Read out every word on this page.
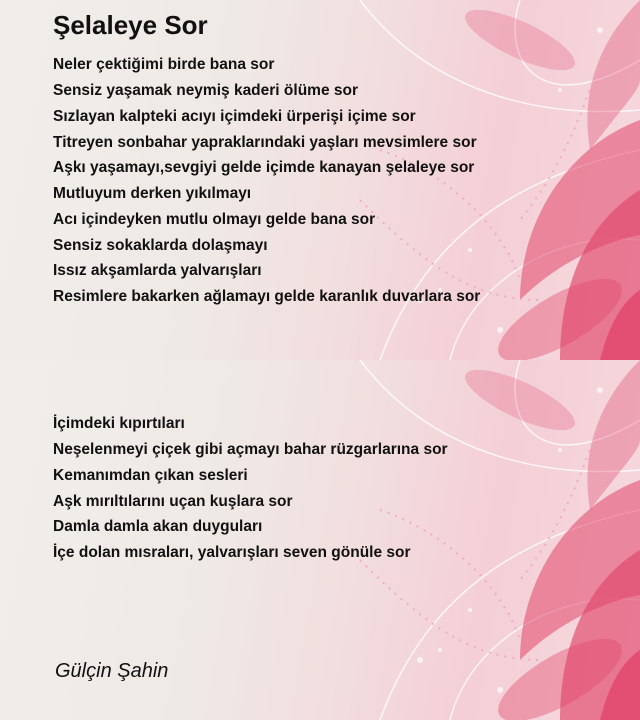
Şelaleye Sor

Neler çektiğimi birde bana sor

Sensiz yaşamak neymiş kaderi ölüme sor

Sızlayan kalpteki acıyı içimdeki ürperişi içime sor

Titreyen sonbahar yapraklarındaki yaşları mevsimlere sor

Aşkı yaşamayı,sevgiyi gelde içimde kanayan şelaleye sor

Mutluyum derken yıkılmayı

Acı içindeyken mutlu olmayı gelde bana sor

Sensiz sokaklarda dolaşmayı

Issız akşamlarda yalvarışları

Resimlere bakarken ağlamayı gelde karanlık duvarlara sor

İçimdeki kıpırtıları

Neşelenmeyi çiçek gibi açmayı bahar rüzgarlarına sor

Kemanımdan çıkan sesleri

Aşk mırıltılarını uçan kuşlara sor

Damla damla akan duyguları

İçe dolan mısraları, yalvarışları seven gönüle sor

Gülçin Şahin
